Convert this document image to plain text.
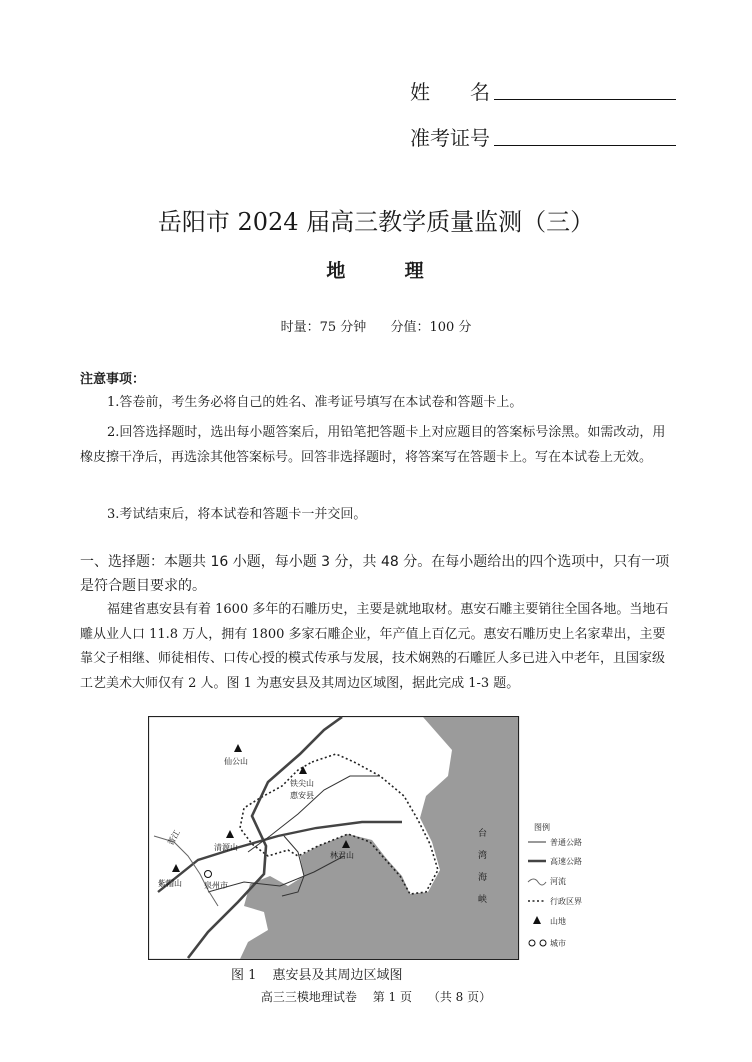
姓　　名
准考证号
岳阳市 2024 届高三教学质量监测（三）
地	理
时量：75 分钟 分值：100 分
注意事项：
1.答卷前，考生务必将自己的姓名、准考证号填写在本试卷和答题卡上。
2.回答选择题时，选出每小题答案后，用铅笔把答题卡上对应题目的答案标号涂黑。如需改动，用橡皮擦干净后，再选涂其他答案标号。回答非选择题时，将答案写在答题卡上。写在本试卷上无效。
3.考试结束后，将本试卷和答题卡一并交回。
一、选择题：本题共 16 小题，每小题 3 分，共 48 分。在每小题给出的四个选项中，只有一项是符合题目要求的。
福建省惠安县有着 1600 多年的石雕历史，主要是就地取材。惠安石雕主要销往全国各地。当地石雕从业人口 11.8 万人，拥有 1800 多家石雕企业，年产值上百亿元。惠安石雕历史上名家辈出，主要靠父子相继、师徒相传、口传心授的模式传承与发展，技术娴熟的石雕匠人多已进入中老年，且国家级工艺美术大师仅有 2 人。图 1 为惠安县及其周边区域图，据此完成 1-3 题。
仙公山
铁尖山
惠安县
清源山
林君山
紫帽山	泉州市
晋江	台
湾
海
峡
图例
普通公路
高速公路
河流
行政区界
山地
城市
图 1 惠安县及其周边区域图
高三三模地理试卷 第 1 页 （共 8 页）
